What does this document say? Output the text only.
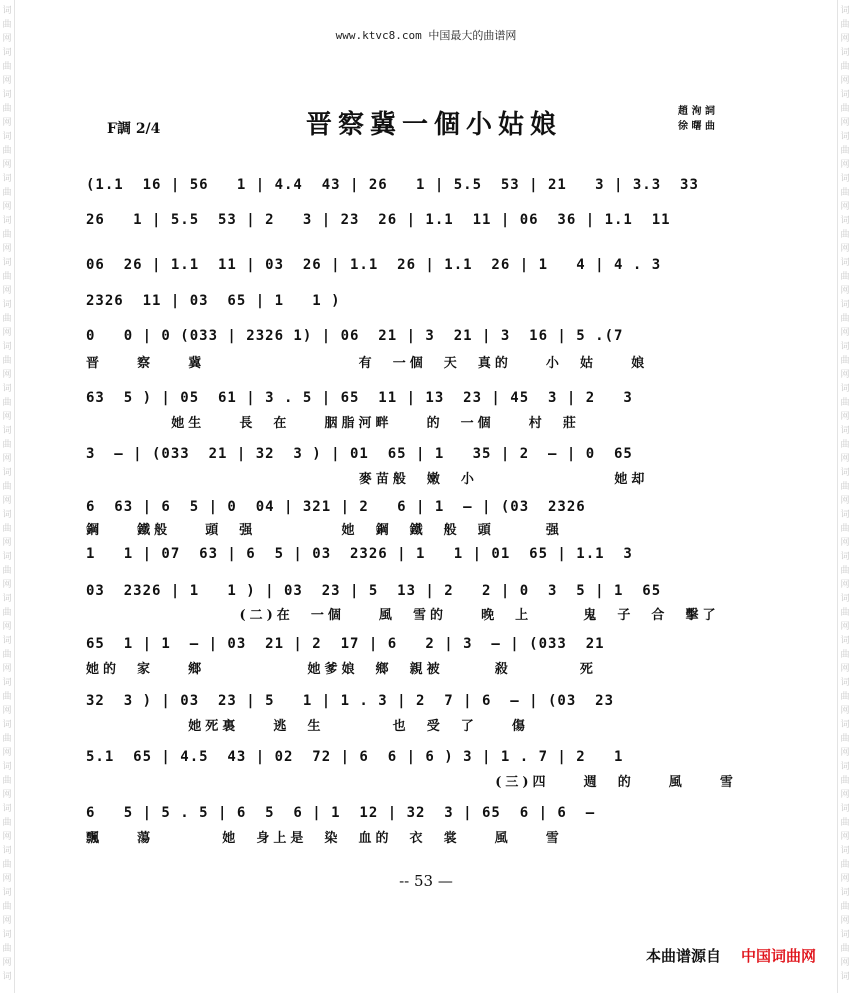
词
曲
网
词
曲
网
词
曲
网
词
曲
网
词
曲
网
词
曲
网
词
曲
网
词
曲
网
词
曲
网
词
曲
网
词
曲
网
词
曲
网
词
曲
网
词
曲
网
词
曲
网
词
曲
网
词
曲
网
词
曲
网
词
曲
网
词
曲
网
词
曲
网
词
曲
网
词
曲
网
词
词
曲
网
词
曲
网
词
曲
网
词
曲
网
词
曲
网
词
曲
网
词
曲
网
词
曲
网
词
曲
网
词
曲
网
词
曲
网
词
曲
网
词
曲
网
词
曲
网
词
曲
网
词
曲
网
词
曲
网
词
曲
网
词
曲
网
词
曲
网
词
曲
网
词
曲
网
词
曲
网
词
www.ktvc8.com 中国最大的曲谱网
F調 2/4	晋察冀一個小姑娘	趙 洵 詞
徐 曙 曲
(1.1  16 | 56   1 | 4.4  43 | 26   1 | 5.5  53 | 21   3 | 3.3  33
26   1 | 5.5  53 | 2   3 | 23  26 | 1.1  11 | 06  36 | 1.1  11
06  26 | 1.1  11 | 03  26 | 1.1  26 | 1.1  26 | 1   4 | 4 . 3
2326  11 | 03  65 | 1   1 )
0   0 | 0 (033 | 2326 1) | 06  21 | 3  21 | 3  16 | 5 .(7
63  5 ) | 05  61 | 3 . 5 | 65  11 | 13  23 | 45  3 | 2   3
3  — | (033  21 | 32  3 ) | 01  65 | 1   35 | 2  — | 0  65
6  63 | 6  5 | 0  04 | 321 | 2   6 | 1  — | (03  2326
1   1 | 07  63 | 6  5 | 03  2326 | 1   1 | 01  65 | 1.1  3
03  2326 | 1   1 ) | 03  23 | 5  13 | 2   2 | 0  3  5 | 1  65
65  1 | 1  — | 03  21 | 2  17 | 6   2 | 3  — | (033  21
32  3 ) | 03  23 | 5   1 | 1 . 3 | 2  7 | 6  — | (03  23
5.1  65 | 4.5  43 | 02  72 | 6  6 | 6 ) 3 | 1 . 7 | 2   1
6   5 | 5 . 5 | 6  5  6 | 1  12 | 32  3 | 65  6 | 6  —
晋    察    冀                  有  一個  天  真的    小  姑    娘
她生    長  在    胭脂河畔    的  一個    村  莊
麥苗般  嫩  小                她却
鋼    鐵般    頭  强          她  鋼  鐵  般  頭      强
(二)在  一個    風  雪的    晚  上      鬼  子  合  擊了
她的  家    鄉            她爹娘  鄉  親被      殺        死
她死裏    逃  生        也  受  了    傷
(三)四    週  的    風    雪
飄    蕩        她  身上是  染  血的  衣  裳    風    雪
-- 53 —
本曲谱源自 中国词曲网
